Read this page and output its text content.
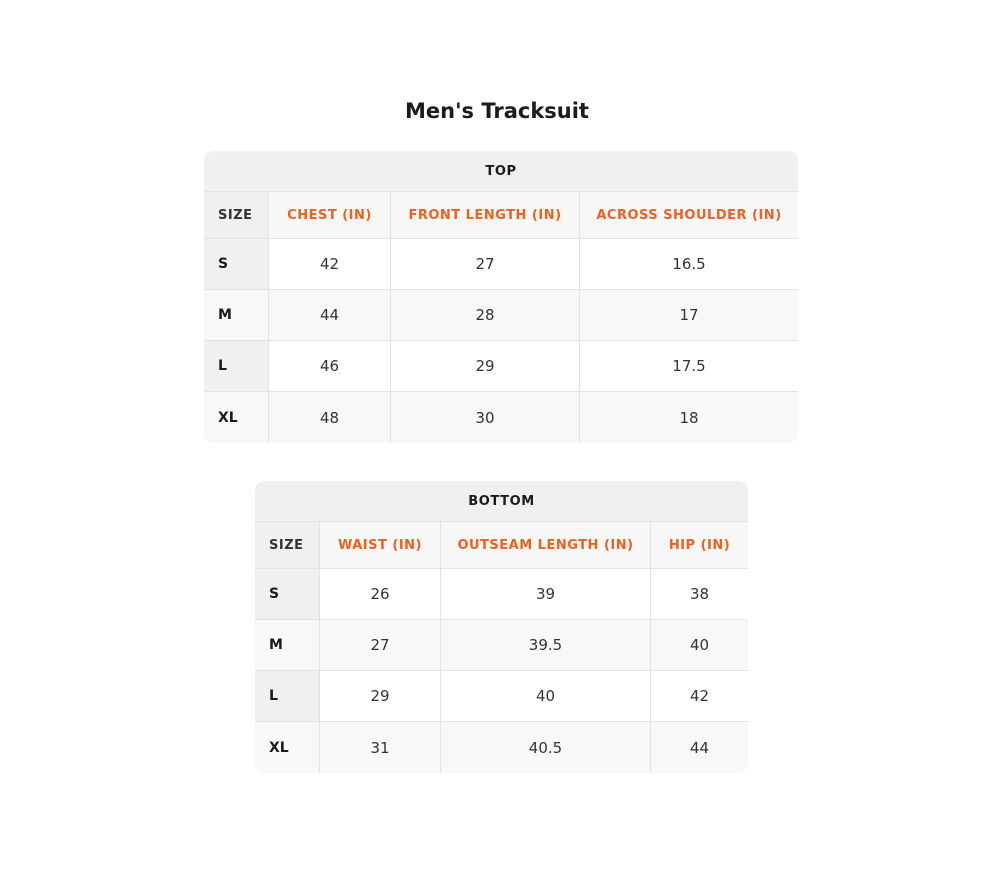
Men's Tracksuit
TOP			
SIZE	CHEST (IN)	FRONT LENGTH (IN)	ACROSS SHOULDER (IN)
S	42	27	16.5
M	44	28	17
L	46	29	17.5
XL	48	30	18
BOTTOM			
SIZE	WAIST (IN)	OUTSEAM LENGTH (IN)	HIP (IN)
S	26	39	38
M	27	39.5	40
L	29	40	42
XL	31	40.5	44
